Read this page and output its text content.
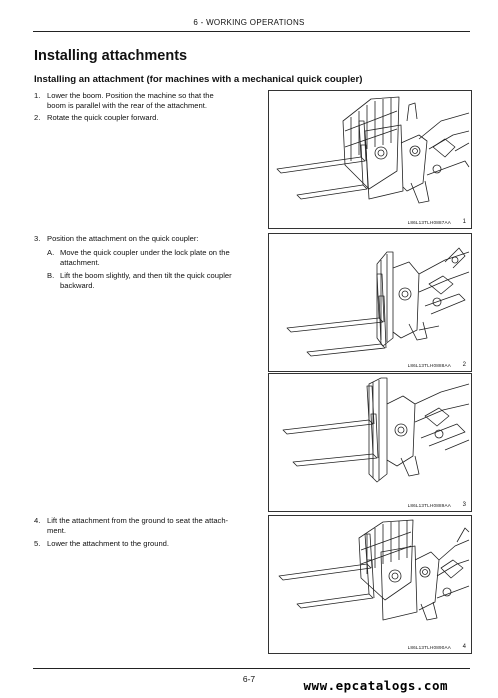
6 - WORKING OPERATIONS
Installing attachments
Installing an attachment (for machines with a mechanical quick coupler)
1. Lower the boom. Position the machine so that the
boom is parallel with the rear of the attachment.
2. Rotate the quick coupler forward.
3. Position the attachment on the quick coupler:
A. Move the quick coupler under the lock plate on the
attachment.
B. Lift the boom slightly, and then tilt the quick coupler
backward.
4. Lift the attachment from the ground to seat the attach-
ment.
5. Lower the attachment to the ground.
L86L13TLH0887AA 1
L86L13TLH0888AA 2
L86L13TLH0889AA 3
L86L13TLH0890AA 4
6-7	www.epcatalogs.com
